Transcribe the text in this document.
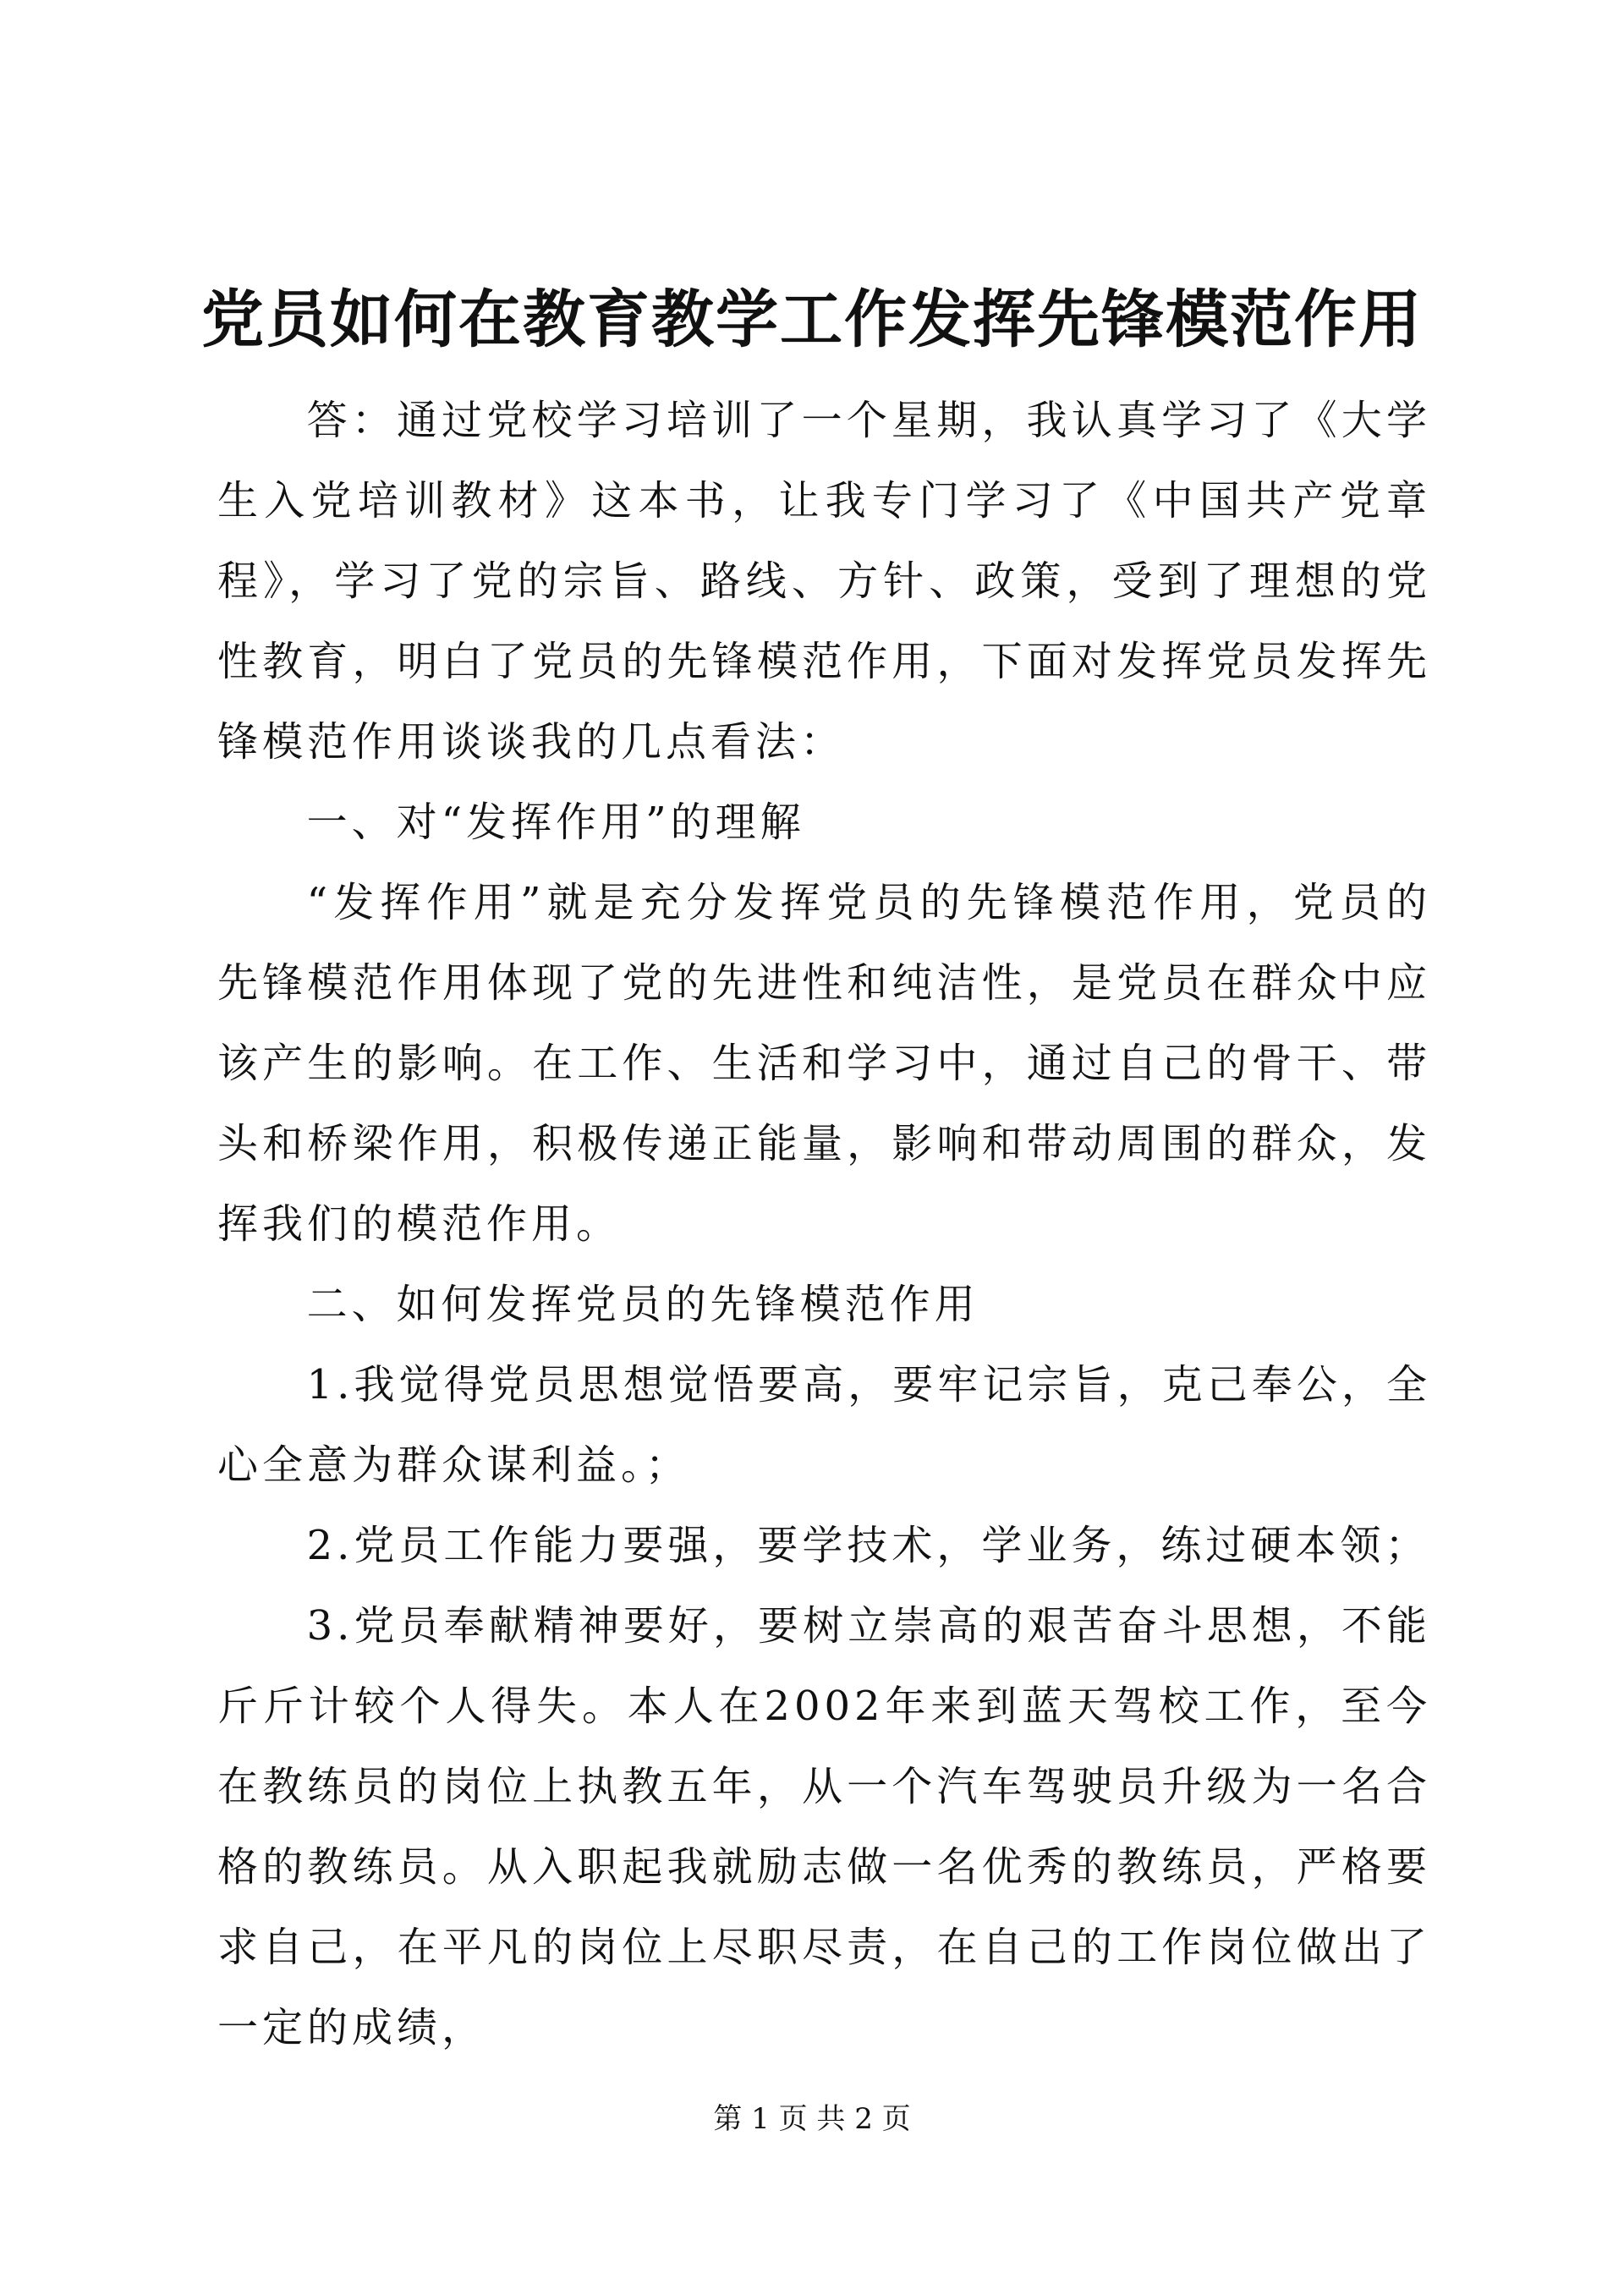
党员如何在教育教学工作发挥先锋模范作用

答：通过党校学习培训了一个星期，我认真学习了《大学生入党培训教材》这本书，让我专门学习了《中国共产党章程》，学习了党的宗旨、路线、方针、政策，受到了理想的党性教育，明白了党员的先锋模范作用，下面对发挥党员发挥先锋模范作用谈谈我的几点看法：

一、对“发挥作用”的理解

“发挥作用”就是充分发挥党员的先锋模范作用，党员的先锋模范作用体现了党的先进性和纯洁性，是党员在群众中应该产生的影响。在工作、生活和学习中，通过自己的骨干、带头和桥梁作用，积极传递正能量，影响和带动周围的群众，发挥我们的模范作用。

二、如何发挥党员的先锋模范作用

1.我觉得党员思想觉悟要高，要牢记宗旨，克己奉公，全心全意为群众谋利益。；

2.党员工作能力要强，要学技术，学业务，练过硬本领；

3.党员奉献精神要好，要树立崇高的艰苦奋斗思想，不能斤斤计较个人得失。本人在2002年来到蓝天驾校工作，至今在教练员的岗位上执教五年，从一个汽车驾驶员升级为一名合格的教练员。从入职起我就励志做一名优秀的教练员，严格要求自己，在平凡的岗位上尽职尽责，在自己的工作岗位做出了一定的成绩，

第 1 页 共 2 页
